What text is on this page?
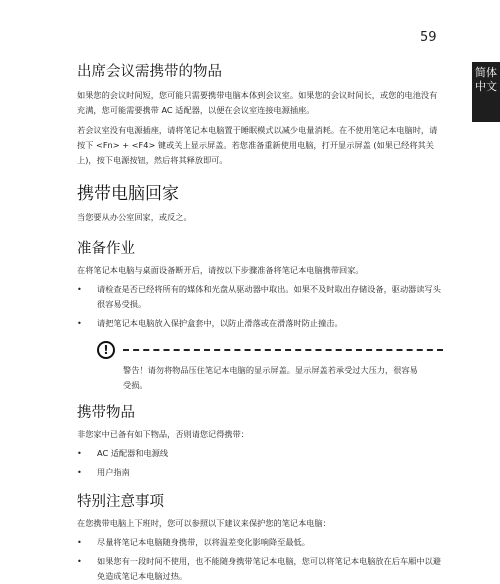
59
简体中文
出席会议需携带的物品

如果您的会议时间短，您可能只需要携带电脑本体到会议室。如果您的会议时间长，或您的电池没有充满，您可能需要携带 AC 适配器，以便在会议室连接电源插座。

若会议室没有电源插座，请将笔记本电脑置于睡眠模式以减少电量消耗。在不使用笔记本电脑时，请按下 <Fn> + <F4> 键或关上显示屏盖。若您准备重新使用电脑，打开显示屏盖 (如果已经将其关上)，按下电源按钮，然后将其释放即可。

携带电脑回家

当您要从办公室回家，或反之。

准备作业

在将笔记本电脑与桌面设备断开后，请按以下步骤准备将笔记本电脑携带回家。

• 请检查是否已经将所有的媒体和光盘从驱动器中取出。如果不及时取出存储设备，驱动器读写头很容易受损。
• 请把笔记本电脑放入保护盒套中，以防止滑落或在滑落时防止撞击。
!
警告！请勿将物品压住笔记本电脑的显示屏盖。显示屏盖若承受过大压力，很容易受损。
携带物品

非您家中已备有如下物品，否则请您记得携带：

• AC 适配器和电源线
• 用户指南
特别注意事项

在您携带电脑上下班时，您可以参照以下建议来保护您的笔记本电脑：

• 尽量将笔记本电脑随身携带，以将温差变化影响降至最低。
• 如果您有一段时间不使用，也不能随身携带笔记本电脑，您可以将笔记本电脑放在后车厢中以避免造成笔记本电脑过热。
